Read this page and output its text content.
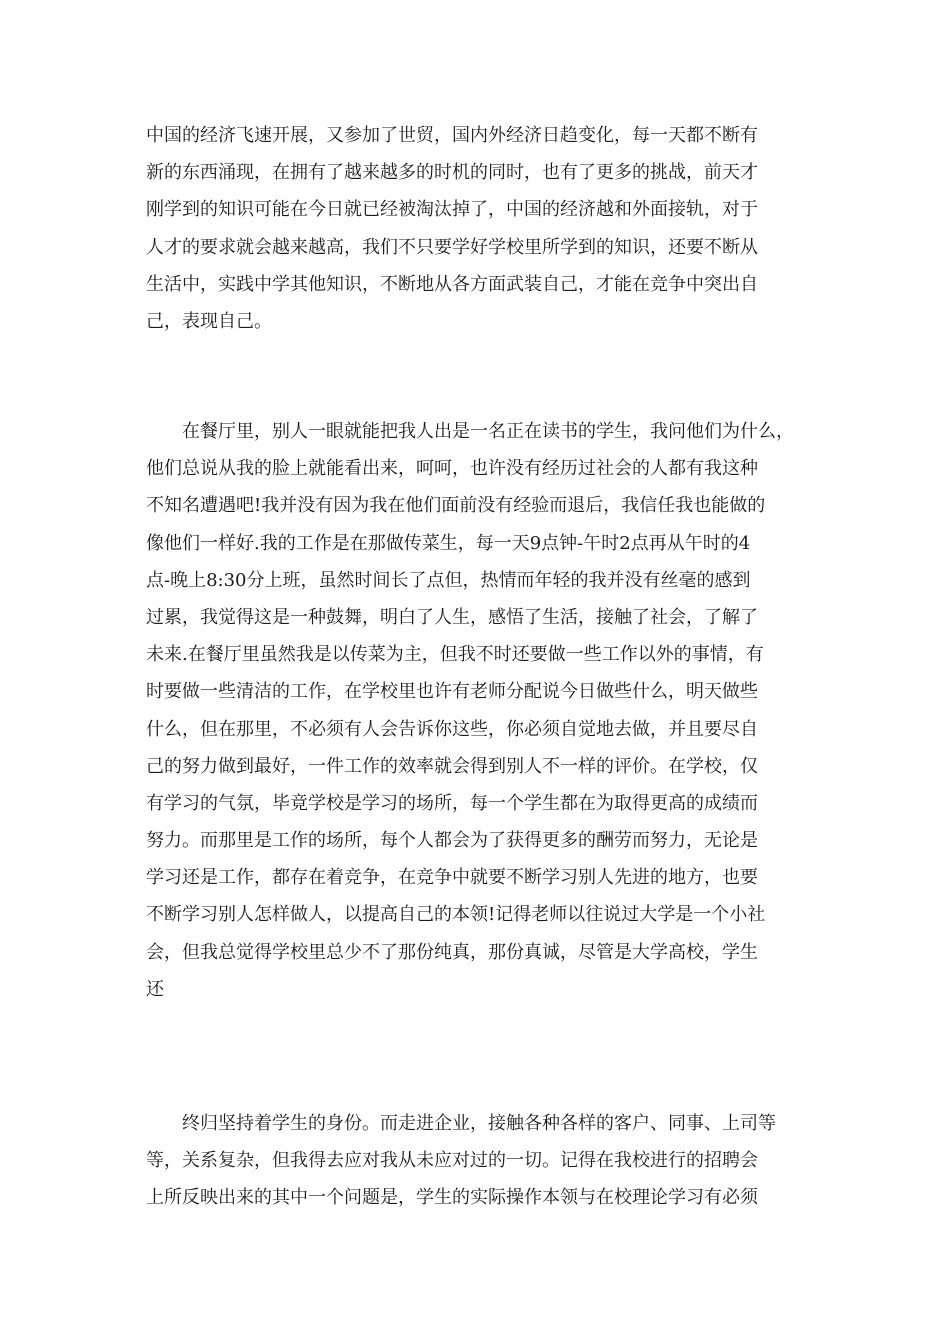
中国的经济飞速开展，又参加了世贸，国内外经济日趋变化，每一天都不断有
新的东西涌现，在拥有了越来越多的时机的同时，也有了更多的挑战，前天才
刚学到的知识可能在今日就已经被淘汰掉了，中国的经济越和外面接轨，对于
人才的要求就会越来越高，我们不只要学好学校里所学到的知识，还要不断从
生活中，实践中学其他知识，不断地从各方面武装自己，才能在竞争中突出自
己，表现自己。
　　在餐厅里，别人一眼就能把我人出是一名正在读书的学生，我问他们为什么，
他们总说从我的脸上就能看出来，呵呵，也许没有经历过社会的人都有我这种
不知名遭遇吧!我并没有因为我在他们面前没有经验而退后，我信任我也能做的
像他们一样好.我的工作是在那做传菜生，每一天9点钟-午时2点再从午时的4
点-晚上8:30分上班，虽然时间长了点但，热情而年轻的我并没有丝毫的感到
过累，我觉得这是一种鼓舞，明白了人生，感悟了生活，接触了社会，了解了
未来.在餐厅里虽然我是以传菜为主，但我不时还要做一些工作以外的事情，有
时要做一些清洁的工作，在学校里也许有老师分配说今日做些什么，明天做些
什么，但在那里，不必须有人会告诉你这些，你必须自觉地去做，并且要尽自
己的努力做到最好，一件工作的效率就会得到别人不一样的评价。在学校，仅
有学习的气氛，毕竟学校是学习的场所，每一个学生都在为取得更高的成绩而
努力。而那里是工作的场所，每个人都会为了获得更多的酬劳而努力，无论是
学习还是工作，都存在着竞争，在竞争中就要不断学习别人先进的地方，也要
不断学习别人怎样做人，以提高自己的本领!记得老师以往说过大学是一个小社
会，但我总觉得学校里总少不了那份纯真，那份真诚，尽管是大学高校，学生
还
　　终归坚持着学生的身份。而走进企业，接触各种各样的客户、同事、上司等
等，关系复杂，但我得去应对我从未应对过的一切。记得在我校进行的招聘会
上所反映出来的其中一个问题是，学生的实际操作本领与在校理论学习有必须
